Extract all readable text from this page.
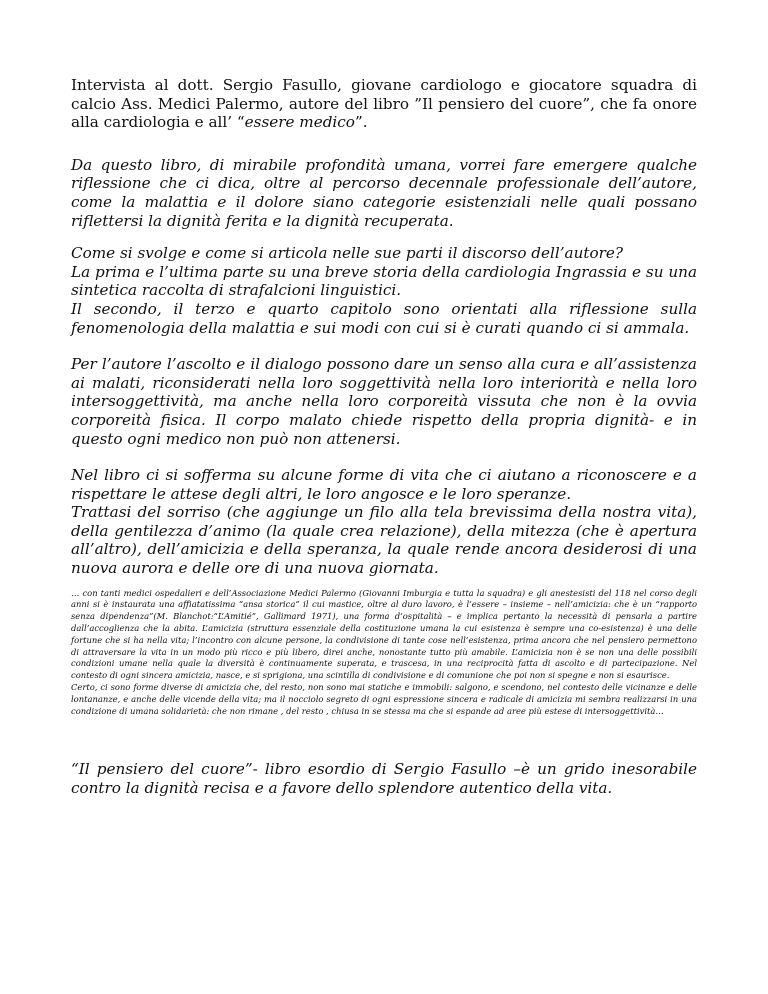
Intervista al dott. Sergio Fasullo, giovane cardiologo e giocatore squadra di calcio Ass. Medici Palermo, autore del libro ”Il pensiero del cuore”, che fa onore alla cardiologia e all’ “essere medico”.

Da questo libro, di mirabile profondità umana, vorrei fare emergere qualche riflessione che ci dica, oltre al percorso decennale professionale dell’autore, come la malattia e il dolore siano categorie esistenziali nelle quali possano riflettersi la dignità ferita e la dignità recuperata.

Come si svolge e come si articola nelle sue parti il discorso dell’autore?

La prima e l’ultima parte su una breve storia della cardiologia Ingrassia e su una sintetica raccolta di strafalcioni linguistici.

Il secondo, il terzo e quarto capitolo sono orientati alla riflessione sulla fenomenologia della malattia e sui modi con cui si è curati quando ci si ammala.

Per l’autore l’ascolto e il dialogo possono dare un senso alla cura e all’assistenza ai malati, riconsiderati nella loro soggettività nella loro interiorità e nella loro intersoggettività, ma anche nella loro corporeità vissuta che non è la ovvia corporeità fisica. Il corpo malato chiede rispetto della propria dignità- e in questo ogni medico non può non attenersi.

Nel libro ci si sofferma su alcune forme di vita che ci aiutano a riconoscere e a rispettare le attese degli altri, le loro angosce e le loro speranze.

Trattasi del sorriso (che aggiunge un filo alla tela brevissima della nostra vita), della gentilezza d’animo (la quale crea relazione), della mitezza (che è apertura all’altro), dell’amicizia e della speranza, la quale rende ancora desiderosi di una nuova aurora e delle ore di una nuova giornata.

… con tanti medici ospedalieri e dell’Associazione Medici Palermo (Giovanni Imburgia e tutta la squadra) e gli anestesisti del 118 nel corso degli anni si è instaurata una affiatatissima “ansa storica” il cui mastice, oltre al duro lavoro, è l’essere – insieme – nell’amicizia: che è un “rapporto senza dipendenza”(M. Blanchot:“L’Amitié”, Gallimard 1971), una forma d’ospitalità – e implica pertanto la necessità di pensarla a partire dall’accoglienza che la abita. L’amicizia (struttura essenziale della costituzione umana la cui esistenza è sempre una co-esistenza) è una delle fortune che si ha nella vita; l’incontro con alcune persone, la condivisione di tante cose nell’esistenza, prima ancora che nel pensiero permettono di attraversare la vita in un modo più ricco e più libero, direi anche, nonostante tutto più amabile. L’amicizia non è se non una delle possibili condizioni umane nella quale la diversità è continuamente superata, e trascesa, in una reciprocità fatta di ascolto e di partecipazione. Nel contesto di ogni sincera amicizia, nasce, e si sprigiona, una scintilla di condivisione e di comunione che poi non si spegne e non si esaurisce.

Certo, ci sono forme diverse di amicizia che, del resto, non sono mai statiche e immobili: salgono, e scendono, nel contesto delle vicinanze e delle lontananze, e anche delle vicende della vita; ma il nocciolo segreto di ogni espressione sincera e radicale di amicizia mi sembra realizzarsi in una condizione di umana solidarietà: che non rimane , del resto , chiusa in se stessa ma che si espande ad aree più estese di intersoggettività…

“Il pensiero del cuore”- libro esordio di Sergio Fasullo –è un grido inesorabile contro la dignità recisa e a favore dello splendore autentico della vita.
